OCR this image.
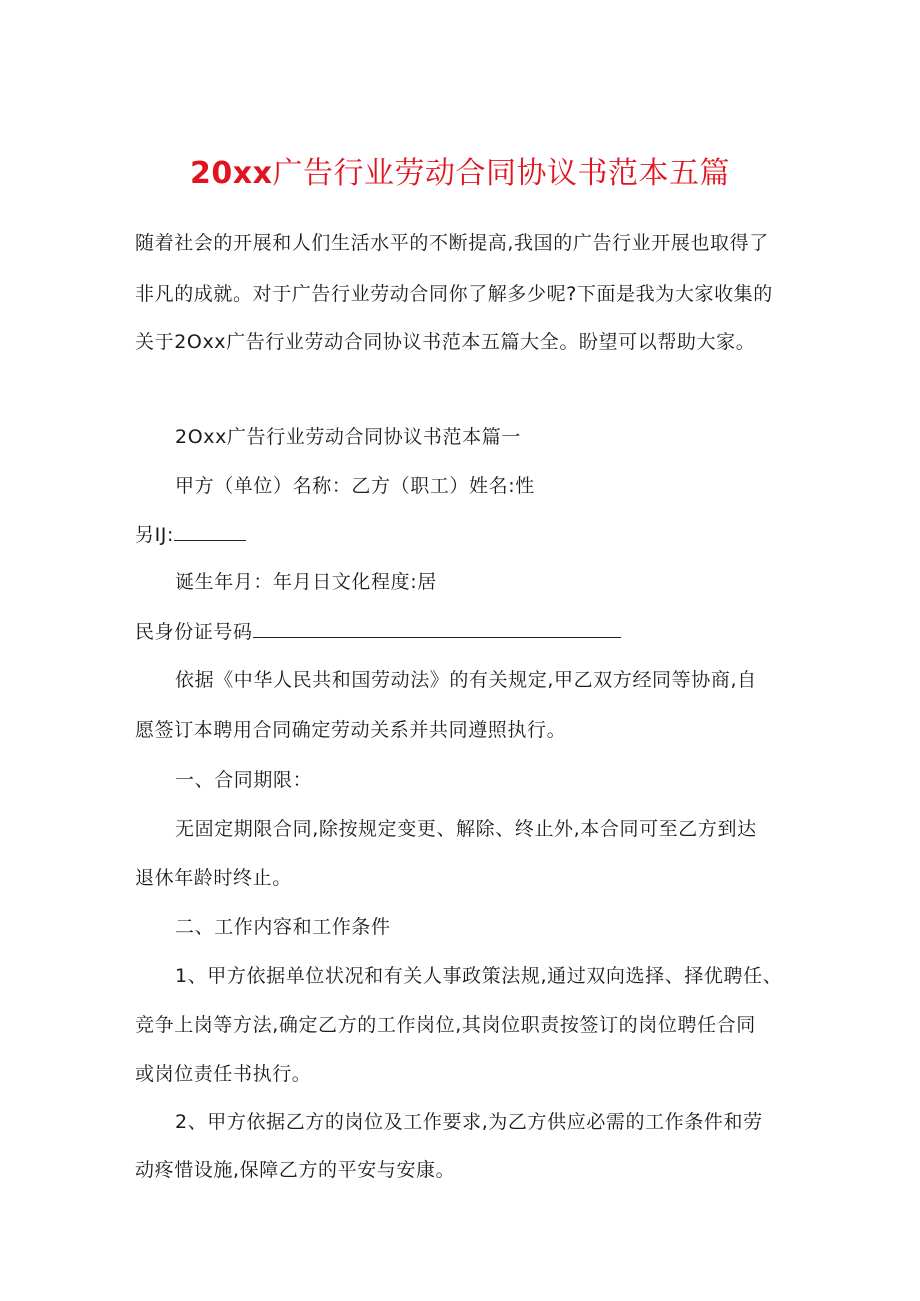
20xx广告行业劳动合同协议书范本五篇
随着社会的开展和人们生活水平的不断提高,我国的广告行业开展也取得了
非凡的成就。对于广告行业劳动合同你了解多少呢?下面是我为大家收集的
关于2Oxx广告行业劳动合同协议书范本五篇大全。盼望可以帮助大家。
2Oxx广告行业劳动合同协议书范本篇一
甲方（单位）名称：乙方（职工）姓名:性
另IJ:
诞生年月：年月日文化程度:居
民身份证号码
依据《中华人民共和国劳动法》的有关规定,甲乙双方经同等协商,自
愿签订本聘用合同确定劳动关系并共同遵照执行。
一、合同期限：
无固定期限合同,除按规定变更、解除、终止外,本合同可至乙方到达
退休年龄时终止。
二、工作内容和工作条件
1、甲方依据单位状况和有关人事政策法规,通过双向选择、择优聘任、
竞争上岗等方法,确定乙方的工作岗位,其岗位职责按签订的岗位聘任合同
或岗位责任书执行。
2、甲方依据乙方的岗位及工作要求,为乙方供应必需的工作条件和劳
动疼惜设施,保障乙方的平安与安康。
